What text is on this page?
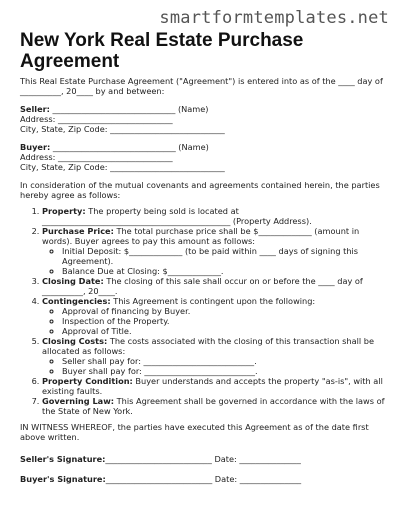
smartformtemplates.net
New York Real Estate Purchase Agreement

This Real Estate Purchase Agreement ("Agreement") is entered into as of the ____ day of __________, 20____ by and between:

Seller: ______________________________ (Name)
Address: ____________________________
City, State, Zip Code: ____________________________
Buyer: ______________________________ (Name)
Address: ____________________________
City, State, Zip Code: ____________________________

In consideration of the mutual covenants and agreements contained herein, the parties hereby agree as follows:

1. Property: The property being sold is located at ______________________________________________ (Property Address).
2. Purchase Price: The total purchase price shall be $_____________ (amount in words). Buyer agrees to pay this amount as follows:
◦ Initial Deposit: $_____________ (to be paid within ____ days of signing this Agreement).
◦ Balance Due at Closing: $_____________.
3. Closing Date: The closing of this sale shall occur on or before the ____ day of __________, 20____.
4. Contingencies: This Agreement is contingent upon the following:
◦ Approval of financing by Buyer.
◦ Inspection of the Property.
◦ Approval of Title.
5. Closing Costs: The costs associated with the closing of this transaction shall be allocated as follows:
◦ Seller shall pay for: ___________________________.
◦ Buyer shall pay for: ___________________________.
6. Property Condition: Buyer understands and accepts the property "as-is", with all existing faults.
7. Governing Law: This Agreement shall be governed in accordance with the laws of the State of New York.

IN WITNESS WHEREOF, the parties have executed this Agreement as of the date first above written.

Seller's Signature:__________________________ Date: _______________

Buyer's Signature:__________________________ Date: _______________
